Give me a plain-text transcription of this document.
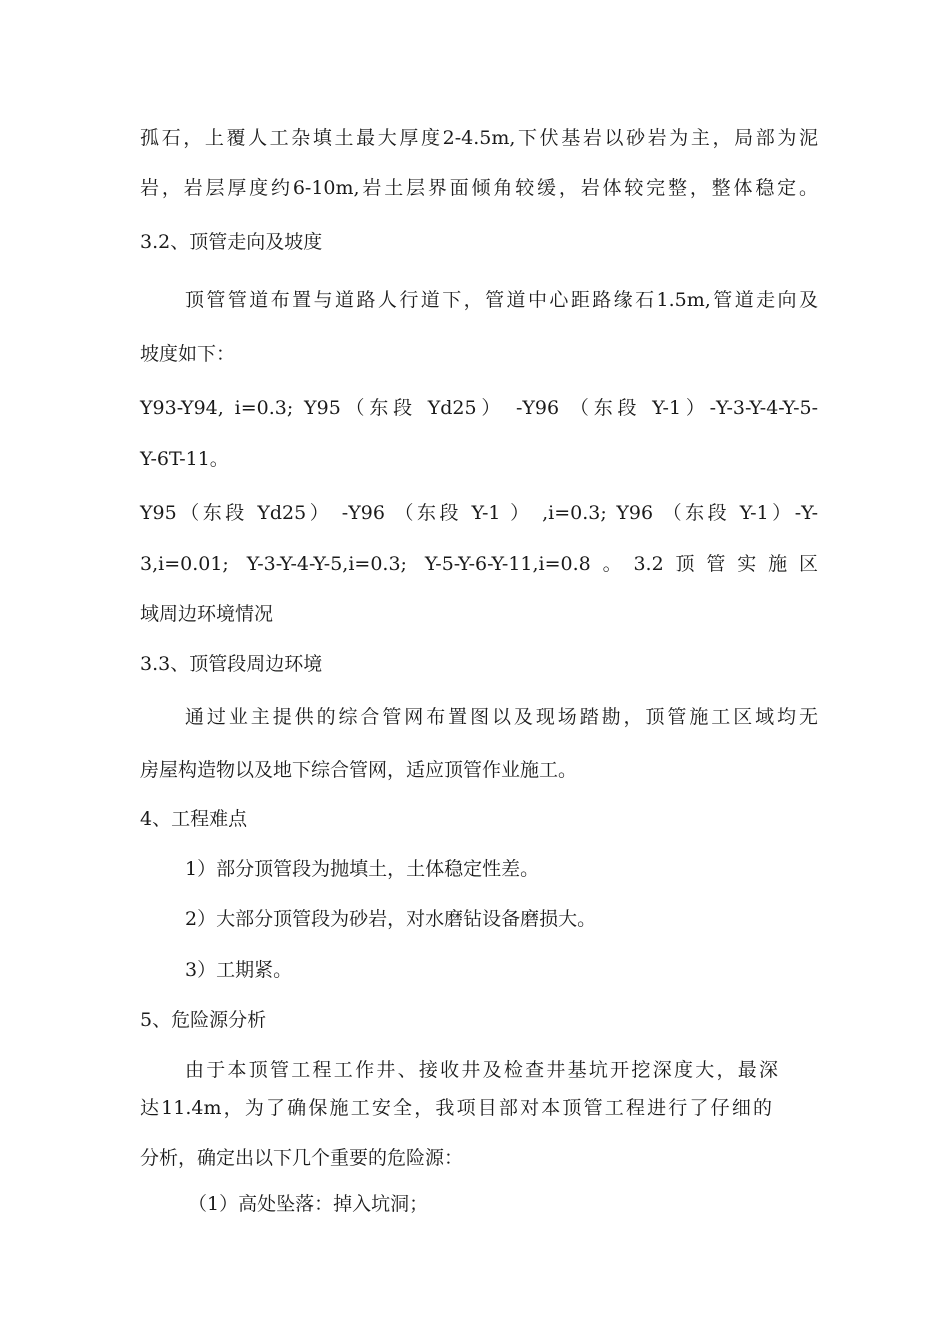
孤石，上覆人工杂填土最大厚度2-4.5m,下伏基岩以砂岩为主，局部为泥
岩，岩层厚度约6-10m,岩土层界面倾角较缓，岩体较完整，整体稳定。
3.2、顶管走向及坡度
顶管管道布置与道路人行道下，管道中心距路缘石1.5m,管道走向及
坡度如下：
Y93-Y94, i=0.3; Y95（东段 Yd25） -Y96 （东段 Y-1）-Y-3-Y-4-Y-5-
Y-6T-11。
Y95（东段 Yd25） -Y96 （东段 Y-1 ） ,i=0.3; Y96 （东段 Y-1）-Y-
3,i=0.01; Y-3-Y-4-Y-5,i=0.3; Y-5-Y-6-Y-11,i=0.8。3.2顶管实施区
域周边环境情况
3.3、顶管段周边环境
通过业主提供的综合管网布置图以及现场踏勘，顶管施工区域均无
房屋构造物以及地下综合管网，适应顶管作业施工。
4、工程难点
1）部分顶管段为抛填土，土体稳定性差。
2）大部分顶管段为砂岩，对水磨钻设备磨损大。
3）工期紧。
5、危险源分析
由于本顶管工程工作井、接收井及检查井基坑开挖深度大，最深
达11.4m，为了确保施工安全，我项目部对本顶管工程进行了仔细的
分析，确定出以下几个重要的危险源：
（1）高处坠落：掉入坑洞；
